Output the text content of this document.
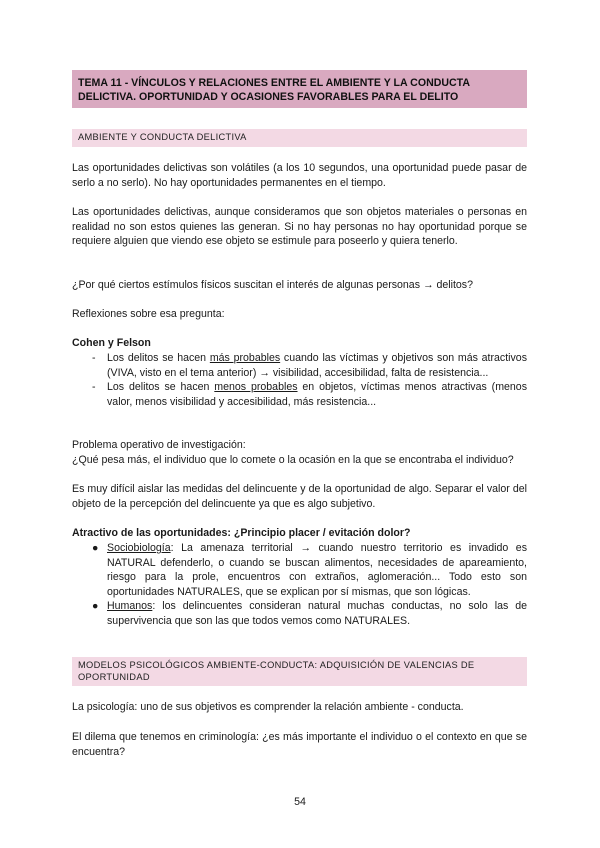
TEMA 11 - VÍNCULOS Y RELACIONES ENTRE EL AMBIENTE Y LA CONDUCTA DELICTIVA. OPORTUNIDAD Y OCASIONES FAVORABLES PARA EL DELITO

AMBIENTE Y CONDUCTA DELICTIVA

Las oportunidades delictivas son volátiles (a los 10 segundos, una oportunidad puede pasar de serlo a no serlo). No hay oportunidades permanentes en el tiempo.

Las oportunidades delictivas, aunque consideramos que son objetos materiales o personas en realidad no son estos quienes las generan. Si no hay personas no hay oportunidad porque se requiere alguien que viendo ese objeto se estimule para poseerlo y quiera tenerlo.

¿Por qué ciertos estímulos físicos suscitan el interés de algunas personas → delitos?

Reflexiones sobre esa pregunta:

Cohen y Felson

- Los delitos se hacen más probables cuando las víctimas y objetivos son más atractivos (VIVA, visto en el tema anterior) → visibilidad, accesibilidad, falta de resistencia...
- Los delitos se hacen menos probables en objetos, víctimas menos atractivas (menos valor, menos visibilidad y accesibilidad, más resistencia...

Problema operativo de investigación:

¿Qué pesa más, el individuo que lo comete o la ocasión en la que se encontraba el individuo?

Es muy difícil aislar las medidas del delincuente y de la oportunidad de algo. Separar el valor del objeto de la percepción del delincuente ya que es algo subjetivo.

Atractivo de las oportunidades: ¿Principio placer / evitación dolor?

● Sociobiología: La amenaza territorial → cuando nuestro territorio es invadido es NATURAL defenderlo, o cuando se buscan alimentos, necesidades de apareamiento, riesgo para la prole, encuentros con extraños, aglomeración... Todo esto son oportunidades NATURALES, que se explican por sí mismas, que son lógicas.
● Humanos: los delincuentes consideran natural muchas conductas, no solo las de supervivencia que son las que todos vemos como NATURALES.

MODELOS PSICOLÓGICOS AMBIENTE-CONDUCTA: ADQUISICIÓN DE VALENCIAS DE OPORTUNIDAD

La psicología: uno de sus objetivos es comprender la relación ambiente - conducta.

El dilema que tenemos en criminología: ¿es más importante el individuo o el contexto en que se encuentra?

54
